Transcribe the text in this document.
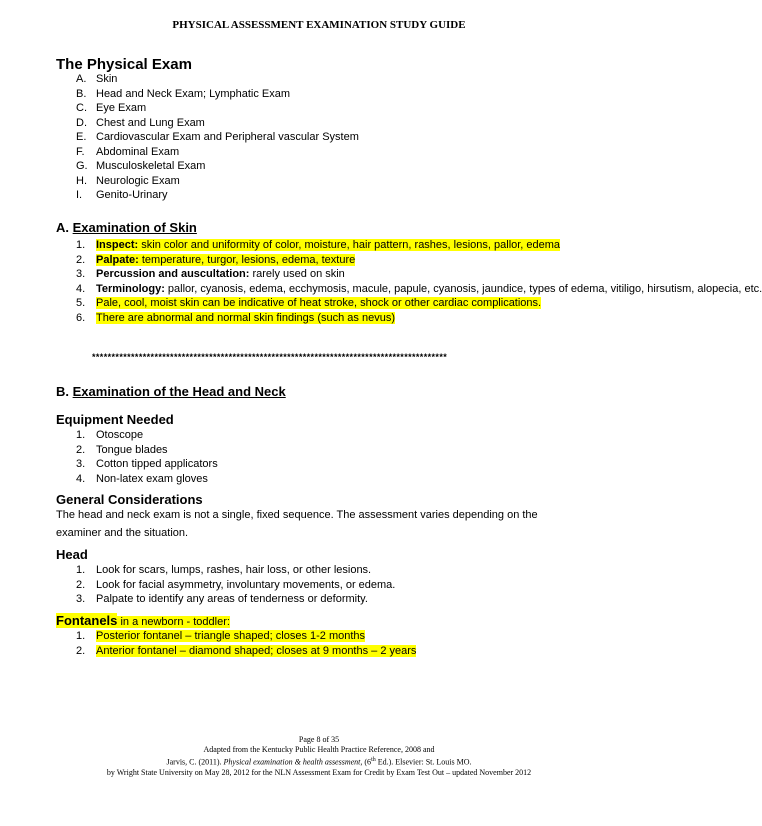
PHYSICAL ASSESSMENT EXAMINATION STUDY GUIDE
The Physical Exam
A. Skin
B. Head and Neck Exam; Lymphatic Exam
C. Eye Exam
D. Chest and Lung Exam
E. Cardiovascular Exam and Peripheral vascular System
F. Abdominal Exam
G. Musculoskeletal Exam
H. Neurologic Exam
I. Genito-Urinary
A. Examination of Skin
1. Inspect: skin color and uniformity of color, moisture, hair pattern, rashes, lesions, pallor, edema
2. Palpate: temperature, turgor, lesions, edema, texture
3. Percussion and auscultation: rarely used on skin
4. Terminology: pallor, cyanosis, edema, ecchymosis, macule, papule, cyanosis, jaundice, types of edema, vitiligo, hirsutism, alopecia, etc.
5. Pale, cool, moist skin can be indicative of heat stroke, shock or other cardiac complications.
6. There are abnormal and normal skin findings (such as nevus)
*******************************************************************************************
B. Examination of the Head and Neck
Equipment Needed
1. Otoscope
2. Tongue blades
3. Cotton tipped applicators
4. Non-latex exam gloves
General Considerations
The head and neck exam is not a single, fixed sequence. The assessment varies depending on the examiner and the situation.
Head
1. Look for scars, lumps, rashes, hair loss, or other lesions.
2. Look for facial asymmetry, involuntary movements, or edema.
3. Palpate to identify any areas of tenderness or deformity.
Fontanels in a newborn - toddler:
1. Posterior fontanel – triangle shaped; closes 1-2 months
2. Anterior fontanel – diamond shaped; closes at 9 months – 2 years
Page 8 of 35
Adapted from the Kentucky Public Health Practice Reference, 2008 and
Jarvis, C. (2011). Physical examination & health assessment, (6th Ed.). Elsevier: St. Louis MO.
by Wright State University on May 28, 2012 for the NLN Assessment Exam for Credit by Exam Test Out – updated November 2012
